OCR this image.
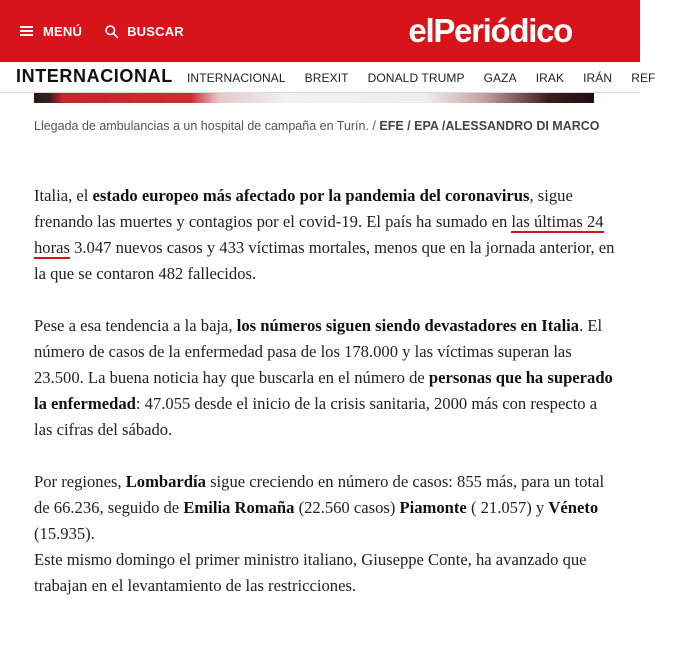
MENÚ	BUSCAR	elPeriódico
INTERNACIONAL INTERNACIONAL BREXIT DONALD TRUMP GAZA IRAK IRÁN REF
Llegada de ambulancias a un hospital de campaña en Turín. / EFE / EPA /ALESSANDRO DI MARCO

Italia, el estado europeo más afectado por la pandemia del coronavirus, sigue frenando las muertes y contagios por el covid-19. El país ha sumado en las últimas 24 horas 3.047 nuevos casos y 433 víctimas mortales, menos que en la jornada anterior, en la que se contaron 482 fallecidos.

Pese a esa tendencia a la baja, los números siguen siendo devastadores en Italia. El número de casos de la enfermedad pasa de los 178.000 y las víctimas superan las 23.500. La buena noticia hay que buscarla en el número de personas que ha superado la enfermedad: 47.055 desde el inicio de la crisis sanitaria, 2000 más con respecto a las cifras del sábado.

Por regiones, Lombardía sigue creciendo en número de casos: 855 más, para un total de 66.236, seguido de Emilia Romaña (22.560 casos) Piamonte ( 21.057) y Véneto (15.935).

Este mismo domingo el primer ministro italiano, Giuseppe Conte, ha avanzado que trabajan en el levantamiento de las restricciones.
